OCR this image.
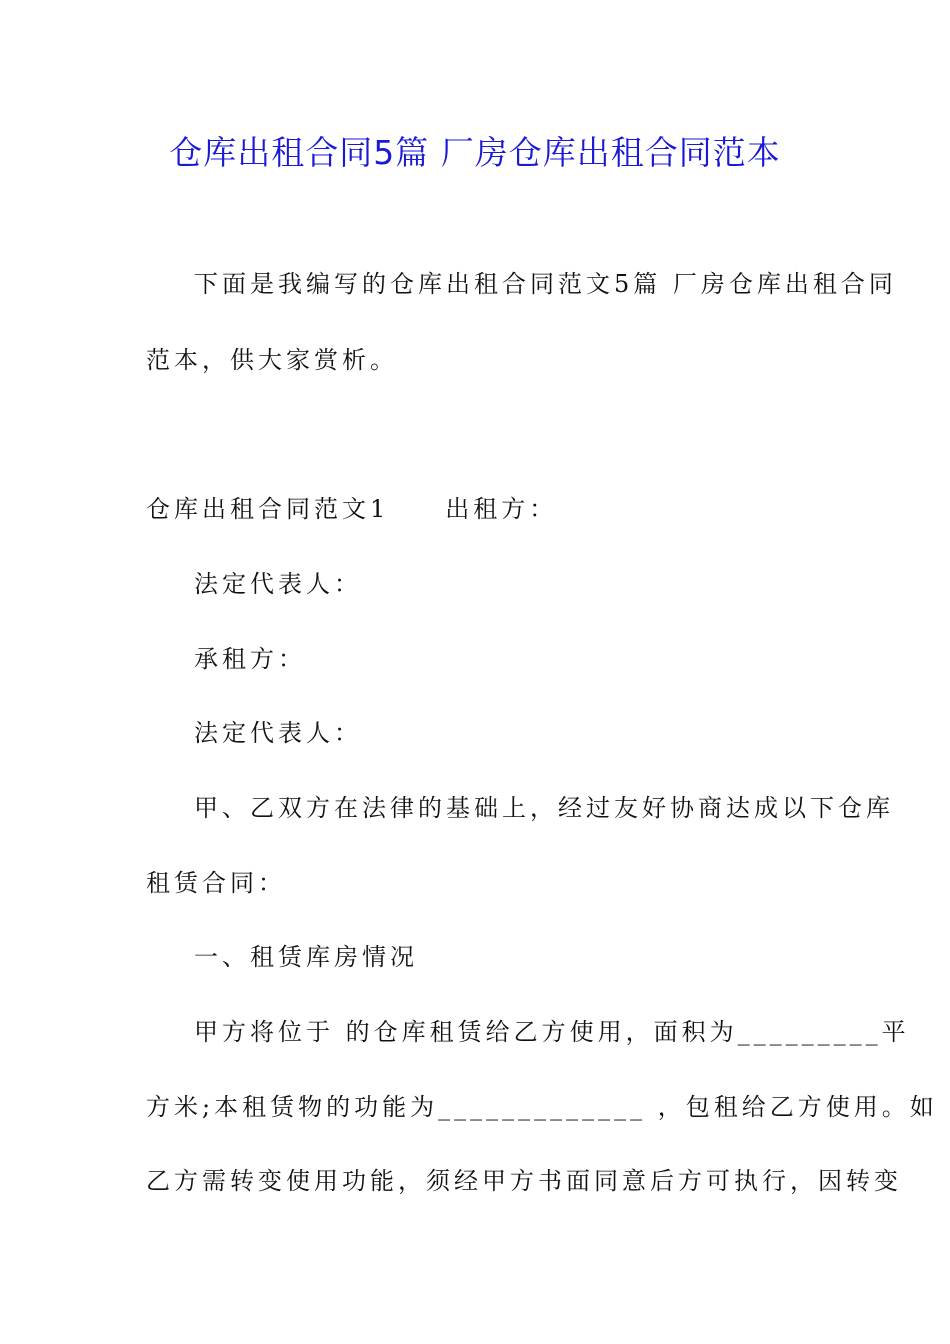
仓库出租合同5篇 厂房仓库出租合同范本
下面是我编写的仓库出租合同范文5篇 厂房仓库出租合同
范本，供大家赏析。
仓库出租合同范文1　　出租方：
法定代表人：
承租方：
法定代表人：
甲、乙双方在法律的基础上，经过友好协商达成以下仓库
租赁合同：
一、租赁库房情况
甲方将位于 的仓库租赁给乙方使用，面积为_________平
方米;本租赁物的功能为_____________ ，包租给乙方使用。如
乙方需转变使用功能，须经甲方书面同意后方可执行，因转变
